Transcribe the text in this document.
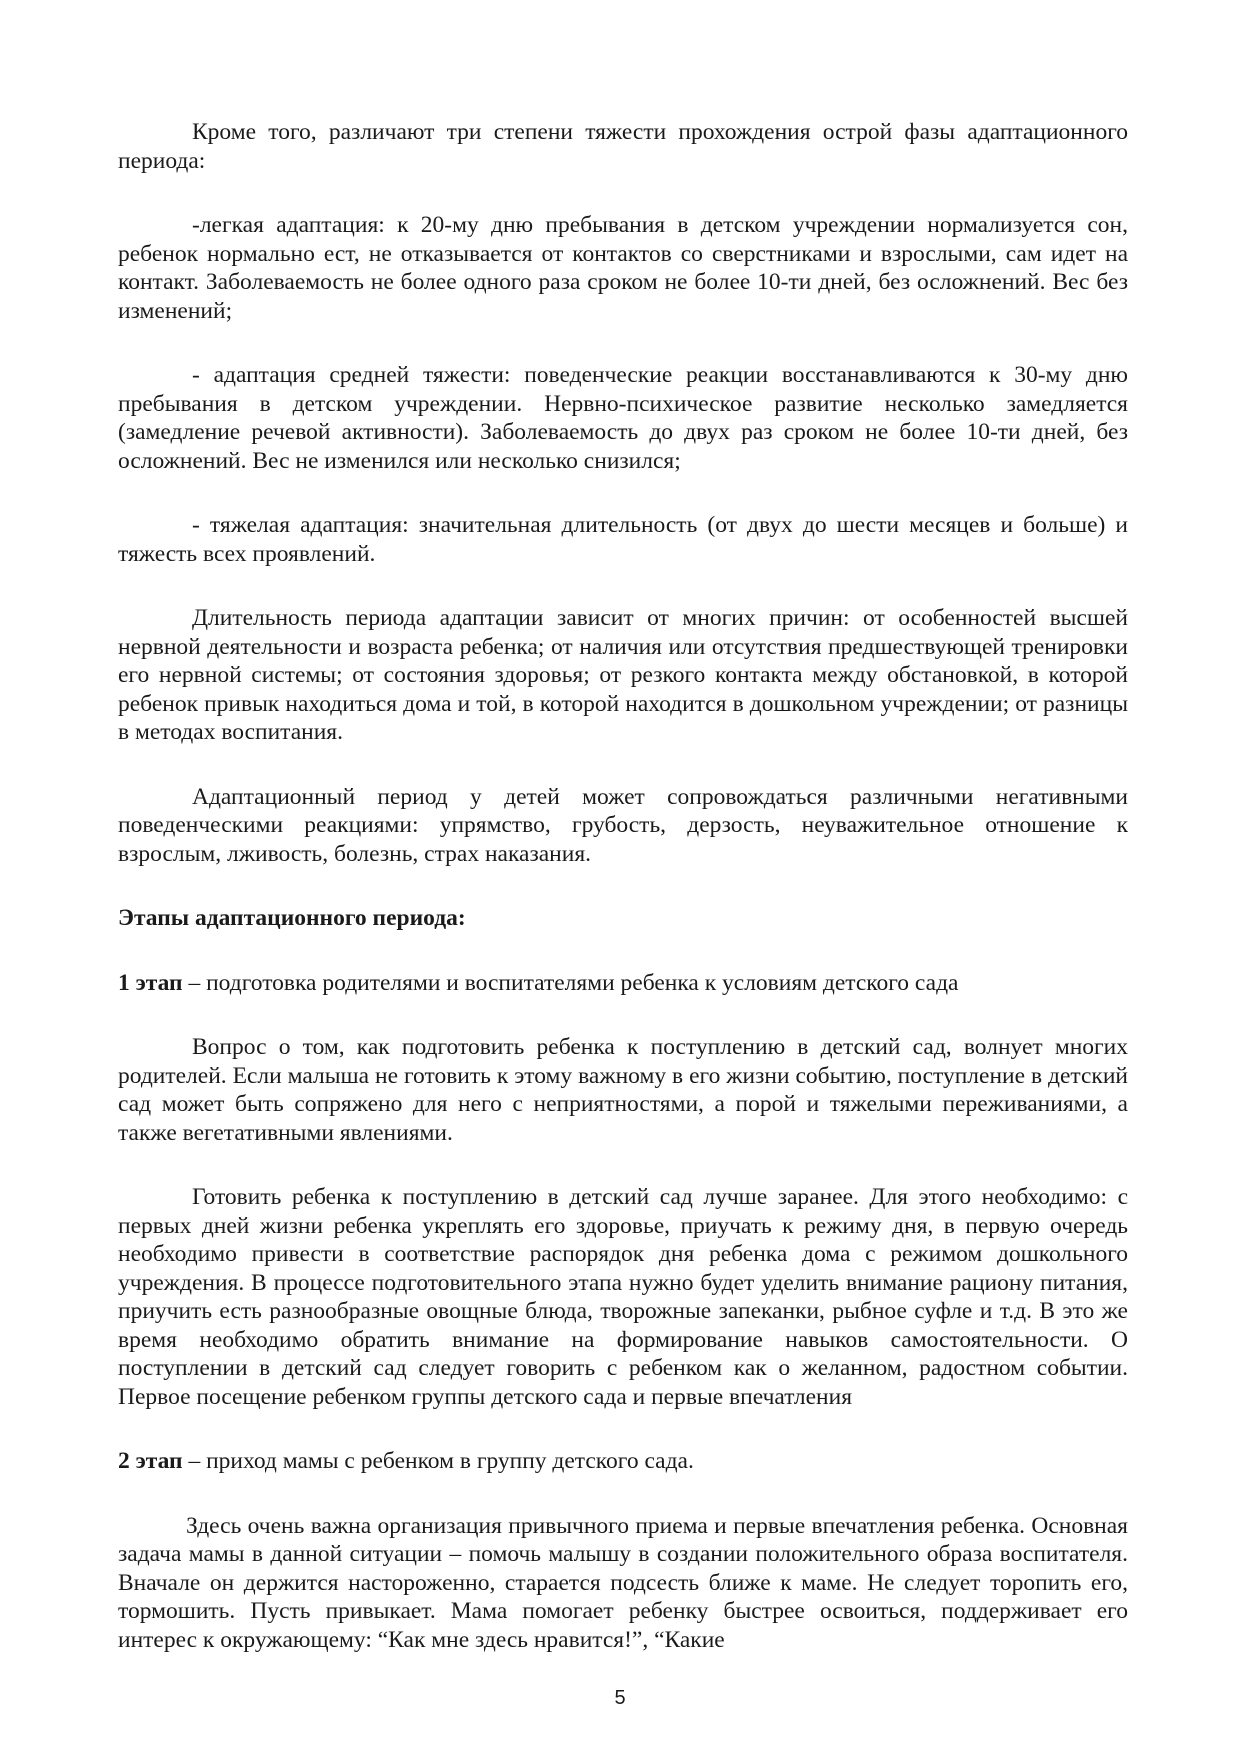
Кроме того, различают три степени тяжести прохождения острой фазы адаптационного периода:

-легкая адаптация: к 20-му дню пребывания в детском учреждении нормализуется сон, ребенок нормально ест, не отказывается от контактов со сверстниками и взрослыми, сам идет на контакт. Заболеваемость не более одного раза сроком не более 10-ти дней, без осложнений. Вес без изменений;

- адаптация средней тяжести: поведенческие реакции восстанавливаются к 30-му дню пребывания в детском учреждении. Нервно-психическое развитие несколько замедляется (замедление речевой активности). Заболеваемость до двух раз сроком не более 10-ти дней, без осложнений. Вес не изменился или несколько снизился;

- тяжелая адаптация: значительная длительность (от двух до шести месяцев и больше) и тяжесть всех проявлений.

Длительность периода адаптации зависит от многих причин: от особенностей высшей нервной деятельности и возраста ребенка; от наличия или отсутствия предшествующей тренировки его нервной системы; от состояния здоровья; от резкого контакта между обстановкой, в которой ребенок привык находиться дома и той, в которой находится в дошкольном учреждении; от разницы в методах воспитания.

Адаптационный период у детей может сопровождаться различными негативными поведенческими реакциями: упрямство, грубость, дерзость, неуважительное отношение к взрослым, лживость, болезнь, страх наказания.

Этапы адаптационного периода:

1 этап – подготовка родителями и воспитателями ребенка к условиям детского сада

Вопрос о том, как подготовить ребенка к поступлению в детский сад, волнует многих родителей. Если малыша не готовить к этому важному в его жизни событию, поступление в детский сад может быть сопряжено для него с неприятностями, а порой и тяжелыми переживаниями, а также вегетативными явлениями.

Готовить ребенка к поступлению в детский сад лучше заранее. Для этого необходимо: с первых дней жизни ребенка укреплять его здоровье, приучать к режиму дня, в первую очередь необходимо привести в соответствие распорядок дня ребенка дома с режимом дошкольного учреждения. В процессе подготовительного этапа нужно будет уделить внимание рациону питания, приучить есть разнообразные овощные блюда, творожные запеканки, рыбное суфле и т.д. В это же время необходимо обратить внимание на формирование навыков самостоятельности. О поступлении в детский сад следует говорить с ребенком как о желанном, радостном событии. Первое посещение ребенком группы детского сада и первые впечатления

2 этап – приход мамы с ребенком в группу детского сада.

Здесь очень важна организация привычного приема и первые впечатления ребенка. Основная задача мамы в данной ситуации – помочь малышу в создании положительного образа воспитателя. Вначале он держится настороженно, старается подсесть ближе к маме. Не следует торопить его, тормошить. Пусть привыкает. Мама помогает ребенку быстрее освоиться, поддерживает его интерес к окружающему: “Как мне здесь нравится!”, “Какие

5
